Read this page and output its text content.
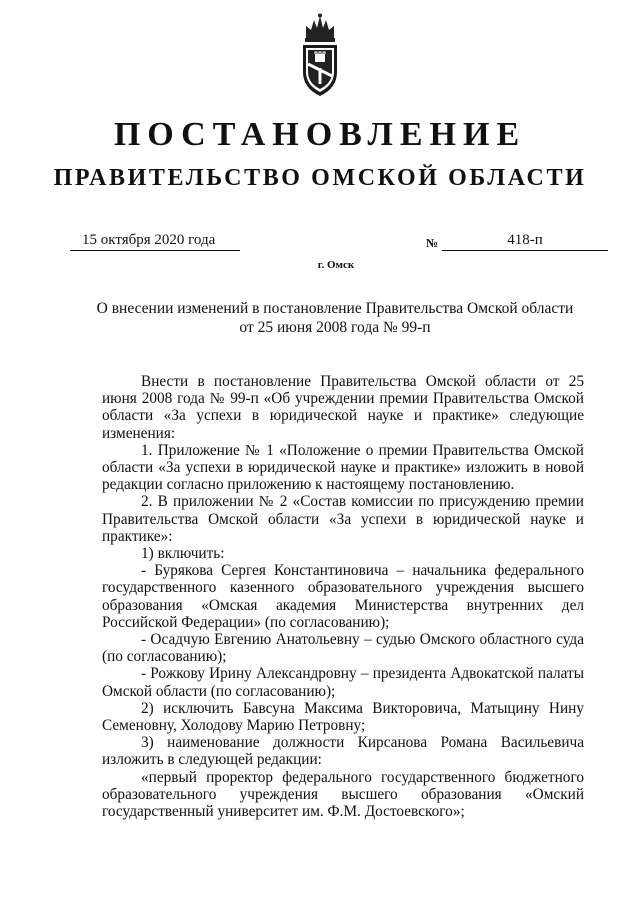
ПОСТАНОВЛЕНИЕ
ПРАВИТЕЛЬСТВО ОМСКОЙ ОБЛАСТИ
15 октября 2020 года	№	418-п
г. Омск
О внесении изменений в постановление Правительства Омской области
от 25 июня 2008 года № 99-п

Внести в постановление Правительства Омской области от 25 июня 2008 года № 99-п «Об учреждении премии Правительства Омской области «За успехи в юридической науке и практике» следующие изменения:

1. Приложение № 1 «Положение о премии Правительства Омской области «За успехи в юридической науке и практике» изложить в новой редакции согласно приложению к настоящему постановлению.

2. В приложении № 2 «Состав комиссии по присуждению премии Правительства Омской области «За успехи в юридической науке и практике»:

1) включить:

- Бурякова Сергея Константиновича – начальника федерального государственного казенного образовательного учреждения высшего образования «Омская академия Министерства внутренних дел Российской Федерации» (по согласованию);

- Осадчую Евгению Анатольевну – судью Омского областного суда (по согласованию);

- Рожкову Ирину Александровну – президента Адвокатской палаты Омской области (по согласованию);

2) исключить Бавсуна Максима Викторовича, Матыцину Нину Семеновну, Холодову Марию Петровну;

3) наименование должности Кирсанова Романа Васильевича изложить в следующей редакции:

«первый проректор федерального государственного бюджетного образовательного учреждения высшего образования «Омский государственный университет им. Ф.М. Достоевского»;
